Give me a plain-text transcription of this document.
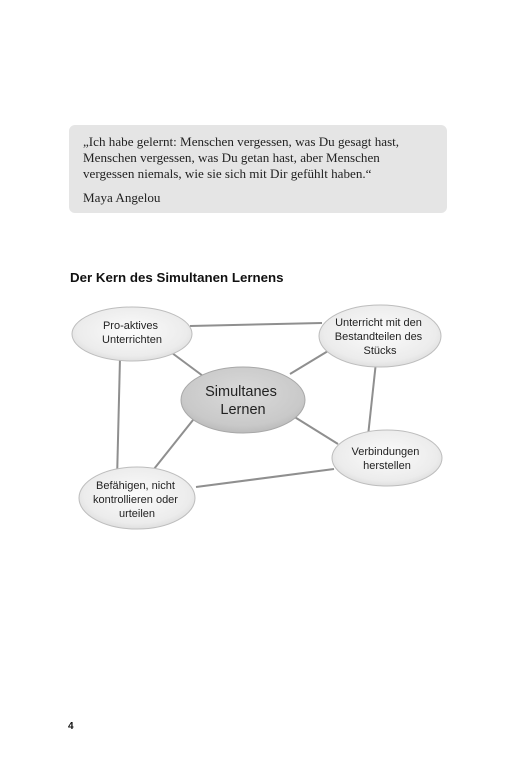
„Ich habe gelernt: Menschen vergessen, was Du gesagt hast,
Menschen vergessen, was Du getan hast, aber Menschen
vergessen niemals, wie sie sich mit Dir gefühlt haben.“

Maya Angelou

Der Kern des Simultanen Lernens
Pro-aktives Unterrichten
Unterricht mit den Bestandteilen des Stücks
Verbindungen herstellen
Befähigen, nicht kontrollieren oder urteilen
Simultanes Lernen
4
